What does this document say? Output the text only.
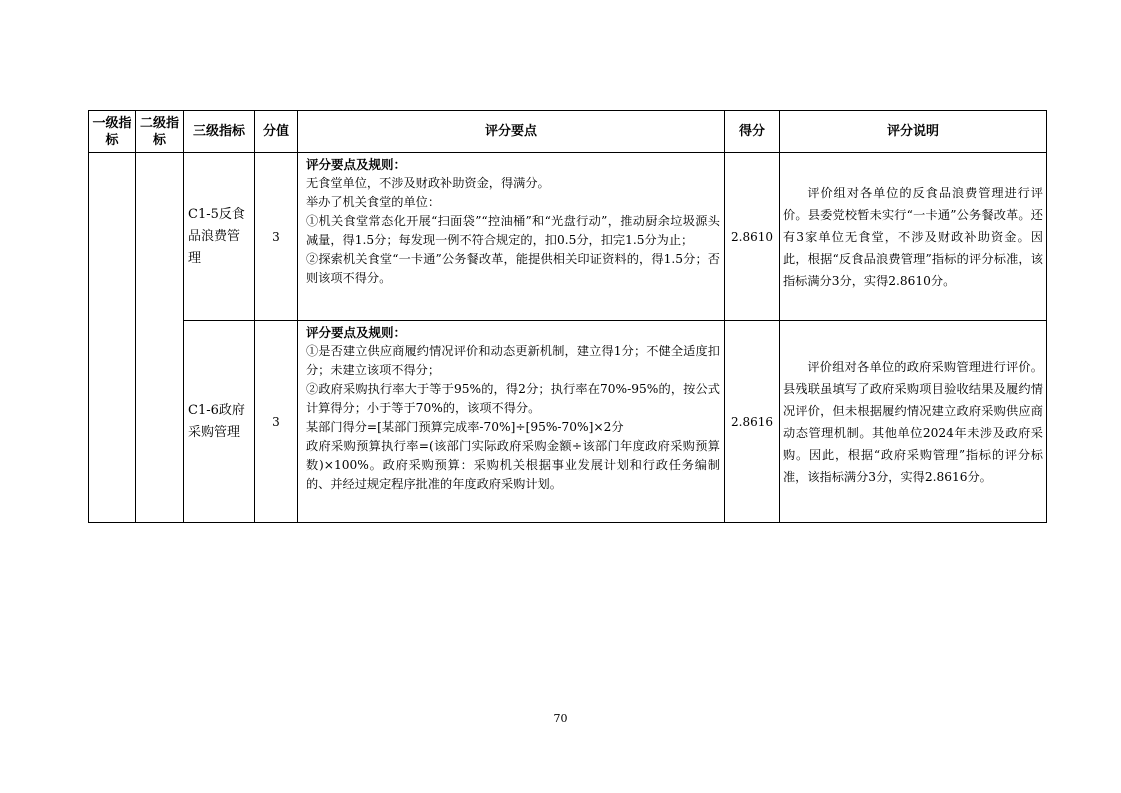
一级指标	二级指标	三级指标	分值	评分要点	得分	评分说明
		C1-5反食品浪费管理	3	评分要点及规则：
无食堂单位，不涉及财政补助资金，得满分。
举办了机关食堂的单位：
①机关食堂常态化开展“扫面袋”“控油桶”和“光盘行动”，推动厨余垃圾源头减量，得1.5分；每发现一例不符合规定的，扣0.5分，扣完1.5分为止；
②探索机关食堂“一卡通”公务餐改革，能提供相关印证资料的，得1.5分；否则该项不得分。	2.8610	评价组对各单位的反食品浪费管理进行评价。县委党校暂未实行“一卡通”公务餐改革。还有3家单位无食堂，不涉及财政补助资金。因此，根据“反食品浪费管理”指标的评分标准，该指标满分3分，实得2.8610分。
		C1-6政府采购管理	3	评分要点及规则：
①是否建立供应商履约情况评价和动态更新机制，建立得1分；不健全适度扣分；未建立该项不得分；
②政府采购执行率大于等于95%的，得2分；执行率在70%-95%的，按公式计算得分；小于等于70%的，该项不得分。
某部门得分=[某部门预算完成率-70%]÷[95%-70%]×2分
政府采购预算执行率=(该部门实际政府采购金额÷该部门年度政府采购预算数)×100%。政府采购预算：采购机关根据事业发展计划和行政任务编制的、并经过规定程序批准的年度政府采购计划。	2.8616	评价组对各单位的政府采购管理进行评价。县残联虽填写了政府采购项目验收结果及履约情况评价，但未根据履约情况建立政府采购供应商动态管理机制。其他单位2024年未涉及政府采购。因此，根据“政府采购管理”指标的评分标准，该指标满分3分，实得2.8616分。
70
